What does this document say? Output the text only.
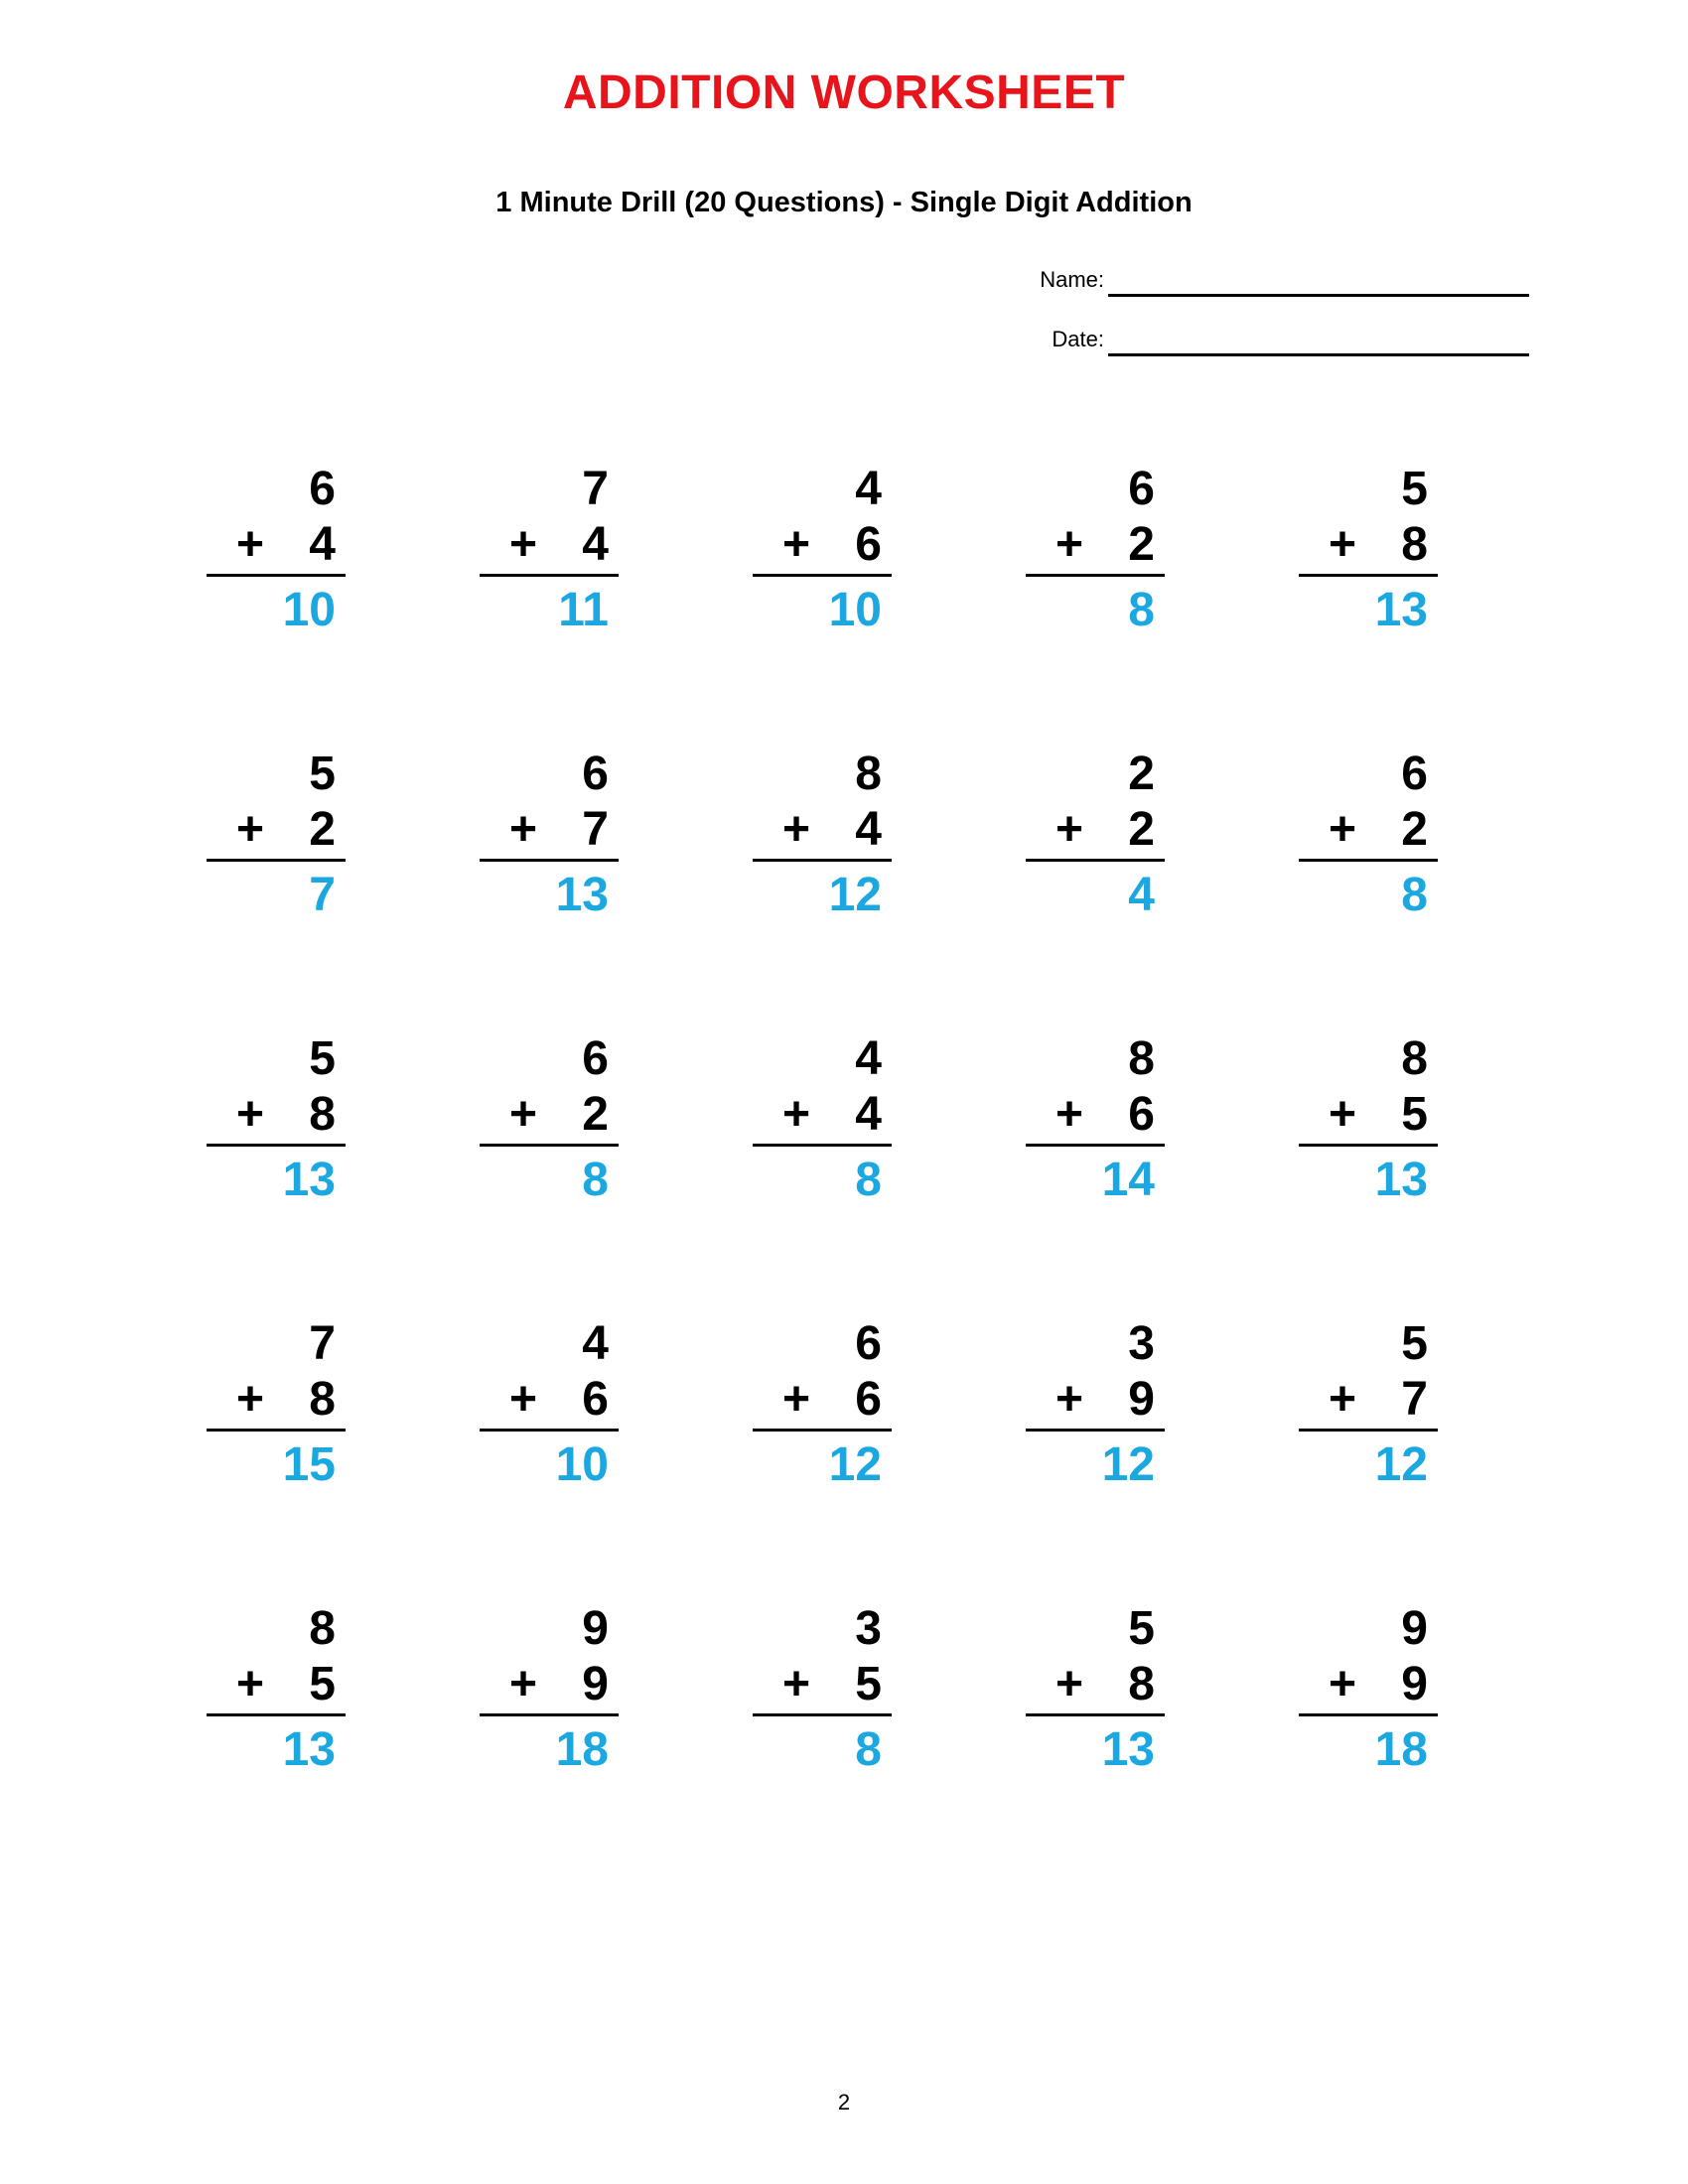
ADDITION WORKSHEET
1 Minute Drill (20 Questions) - Single Digit Addition
Name:
Date:
6
+ 4
10
7
+ 4
11
4
+ 6
10
6
+ 2
8
5
+ 8
13
5
+ 2
7
6
+ 7
13
8
+ 4
12
2
+ 2
4
6
+ 2
8
5
+ 8
13
6
+ 2
8
4
+ 4
8
8
+ 6
14
8
+ 5
13
7
+ 8
15
4
+ 6
10
6
+ 6
12
3
+ 9
12
5
+ 7
12
8
+ 5
13
9
+ 9
18
3
+ 5
8
5
+ 8
13
9
+ 9
18
2
